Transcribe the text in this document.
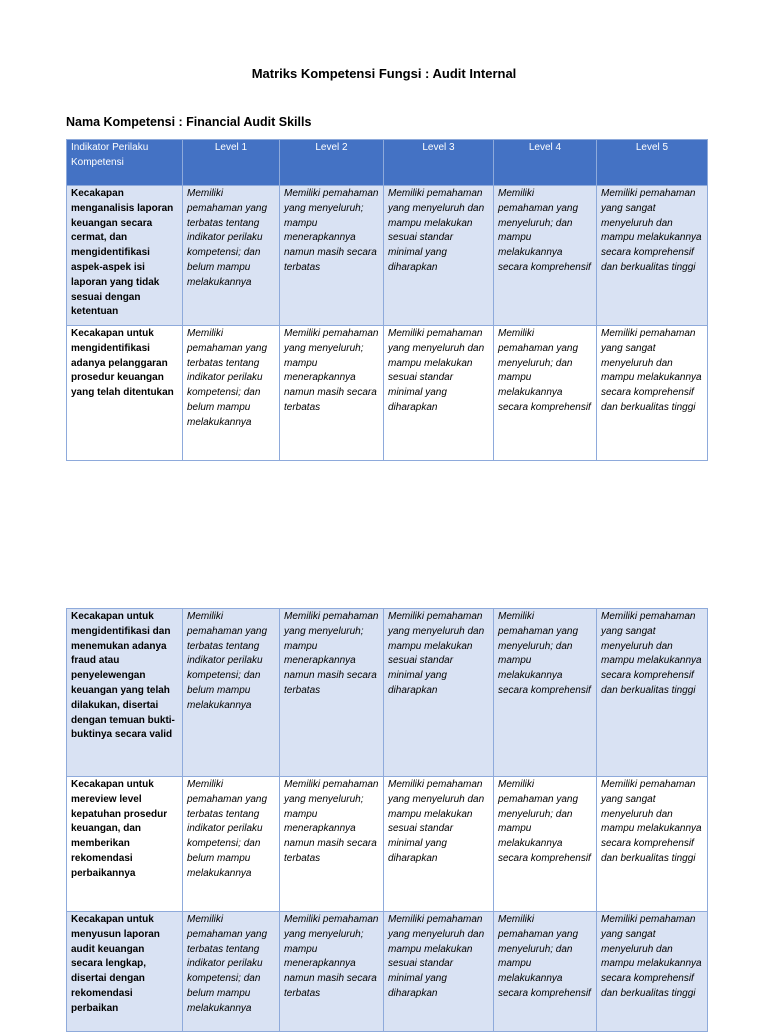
Matriks Kompetensi Fungsi : Audit Internal
Nama Kompetensi : Financial Audit Skills
Indikator Perilaku Kompetensi	Level 1	Level 2	Level 3	Level 4	Level 5
Kecakapan menganalisis laporan keuangan secara cermat, dan mengidentifikasi aspek-aspek isi laporan yang tidak sesuai dengan ketentuan	Memiliki pemahaman yang terbatas tentang indikator perilaku kompetensi; dan belum mampu melakukannya	Memiliki pemahaman yang menyeluruh; mampu menerapkannya namun masih secara terbatas	Memiliki pemahaman yang menyeluruh dan mampu melakukan sesuai standar minimal yang diharapkan	Memiliki pemahaman yang menyeluruh; dan mampu melakukannya secara komprehensif	Memiliki pemahaman yang sangat menyeluruh dan mampu melakukannya secara komprehensif dan berkualitas tinggi
Kecakapan untuk mengidentifikasi adanya pelanggaran prosedur keuangan yang telah ditentukan	Memiliki pemahaman yang terbatas tentang indikator perilaku kompetensi; dan belum mampu melakukannya	Memiliki pemahaman yang menyeluruh; mampu menerapkannya namun masih secara terbatas	Memiliki pemahaman yang menyeluruh dan mampu melakukan sesuai standar minimal yang diharapkan	Memiliki pemahaman yang menyeluruh; dan mampu melakukannya secara komprehensif	Memiliki pemahaman yang sangat menyeluruh dan mampu melakukannya secara komprehensif dan berkualitas tinggi
Kecakapan untuk mengidentifikasi dan menemukan adanya fraud atau penyelewengan keuangan yang telah dilakukan, disertai dengan temuan bukti-buktinya secara valid	Memiliki pemahaman yang terbatas tentang indikator perilaku kompetensi; dan belum mampu melakukannya	Memiliki pemahaman yang menyeluruh; mampu menerapkannya namun masih secara terbatas	Memiliki pemahaman yang menyeluruh dan mampu melakukan sesuai standar minimal yang diharapkan	Memiliki pemahaman yang menyeluruh; dan mampu melakukannya secara komprehensif	Memiliki pemahaman yang sangat menyeluruh dan mampu melakukannya secara komprehensif dan berkualitas tinggi
Kecakapan untuk mereview level kepatuhan prosedur keuangan, dan memberikan rekomendasi perbaikannya	Memiliki pemahaman yang terbatas tentang indikator perilaku kompetensi; dan belum mampu melakukannya	Memiliki pemahaman yang menyeluruh; mampu menerapkannya namun masih secara terbatas	Memiliki pemahaman yang menyeluruh dan mampu melakukan sesuai standar minimal yang diharapkan	Memiliki pemahaman yang menyeluruh; dan mampu melakukannya secara komprehensif	Memiliki pemahaman yang sangat menyeluruh dan mampu melakukannya secara komprehensif dan berkualitas tinggi
Kecakapan untuk menyusun laporan audit keuangan secara lengkap, disertai dengan rekomendasi perbaikan	Memiliki pemahaman yang terbatas tentang indikator perilaku kompetensi; dan belum mampu melakukannya	Memiliki pemahaman yang menyeluruh; mampu menerapkannya namun masih secara terbatas	Memiliki pemahaman yang menyeluruh dan mampu melakukan sesuai standar minimal yang diharapkan	Memiliki pemahaman yang menyeluruh; dan mampu melakukannya secara komprehensif	Memiliki pemahaman yang sangat menyeluruh dan mampu melakukannya secara komprehensif dan berkualitas tinggi
